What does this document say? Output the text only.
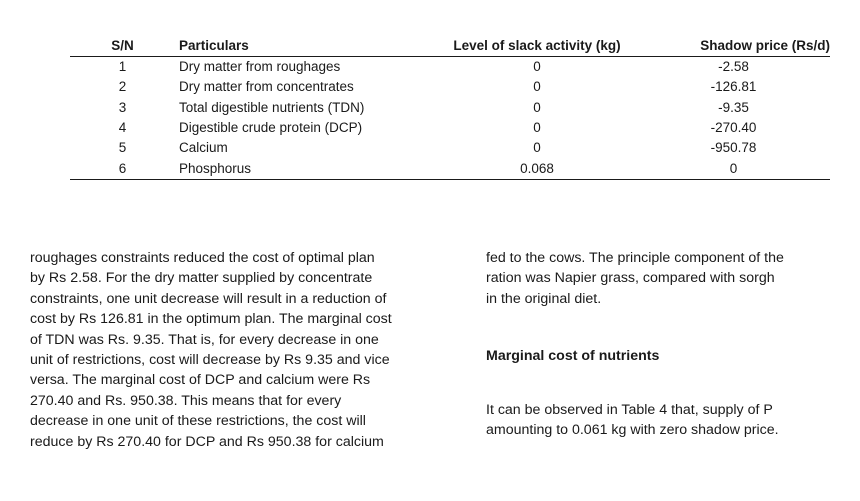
S/N	Particulars	Level of slack activity (kg)	Shadow price (Rs/d)
1	Dry matter from roughages	0	-2.58
2	Dry matter from concentrates	0	-126.81
3	Total digestible nutrients (TDN)	0	-9.35
4	Digestible crude protein (DCP)	0	-270.40
5	Calcium	0	-950.78
6	Phosphorus	0.068	0

roughages constraints reduced the cost of optimal plan

by Rs 2.58. For the dry matter supplied by concentrate

constraints, one unit decrease will result in a reduction of

cost by Rs 126.81 in the optimum plan. The marginal cost

of TDN was Rs. 9.35. That is, for every decrease in one

unit of restrictions, cost will decrease by Rs 9.35 and vice

versa. The marginal cost of DCP and calcium were Rs

270.40 and Rs. 950.38. This means that for every

decrease in one unit of these restrictions, the cost will

reduce by Rs 270.40 for DCP and Rs 950.38 for calcium

fed to the cows. The principle component of the

ration was Napier grass, compared with sorgh

in the original diet.

Marginal cost of nutrients

It can be observed in Table 4 that, supply of P

amounting to 0.061 kg with zero shadow price.
